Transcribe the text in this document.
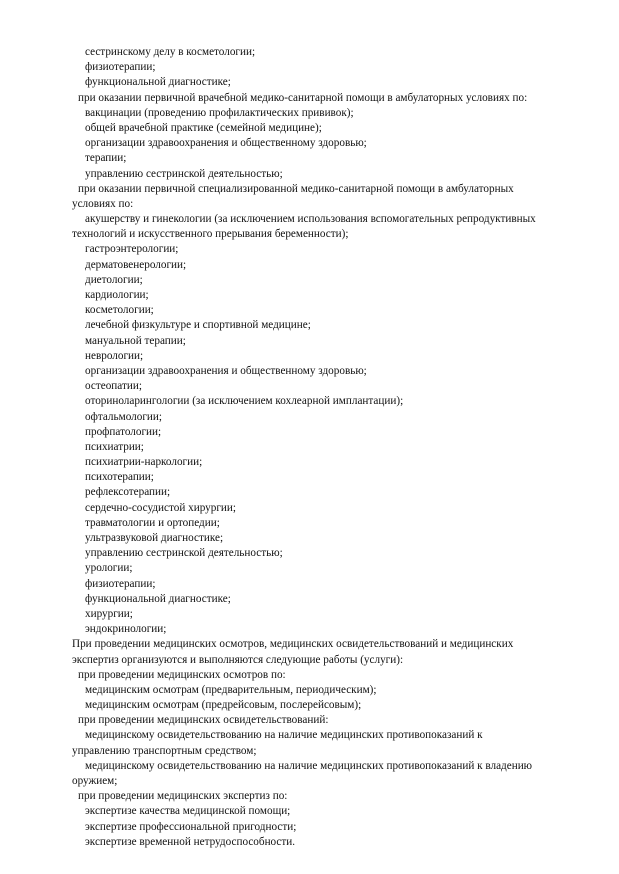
сестринскому делу в косметологии;
физиотерапии;
функциональной диагностике;
при оказании первичной врачебной медико-санитарной помощи в амбулаторных условиях по:
вакцинации (проведению профилактических прививок);
общей врачебной практике (семейной медицине);
организации здравоохранения и общественному здоровью;
терапии;
управлению сестринской деятельностью;
при оказании первичной специализированной медико-санитарной помощи в амбулаторных
условиях по:
акушерству и гинекологии (за исключением использования вспомогательных репродуктивных
технологий и искусственного прерывания беременности);
гастроэнтерологии;
дерматовенерологии;
диетологии;
кардиологии;
косметологии;
лечебной физкультуре и спортивной медицине;
мануальной терапии;
неврологии;
организации здравоохранения и общественному здоровью;
остеопатии;
оториноларингологии (за исключением кохлеарной имплантации);
офтальмологии;
профпатологии;
психиатрии;
психиатрии-наркологии;
психотерапии;
рефлексотерапии;
сердечно-сосудистой хирургии;
травматологии и ортопедии;
ультразвуковой диагностике;
управлению сестринской деятельностью;
урологии;
физиотерапии;
функциональной диагностике;
хирургии;
эндокринологии;
При проведении медицинских осмотров, медицинских освидетельствований и медицинских
экспертиз организуются и выполняются следующие работы (услуги):
при проведении медицинских осмотров по:
медицинским осмотрам (предварительным, периодическим);
медицинским осмотрам (предрейсовым, послерейсовым);
при проведении медицинских освидетельствований:
медицинскому освидетельствованию на наличие медицинских противопоказаний к
управлению транспортным средством;
медицинскому освидетельствованию на наличие медицинских противопоказаний к владению
оружием;
при проведении медицинских экспертиз по:
экспертизе качества медицинской помощи;
экспертизе профессиональной пригодности;
экспертизе временной нетрудоспособности.
